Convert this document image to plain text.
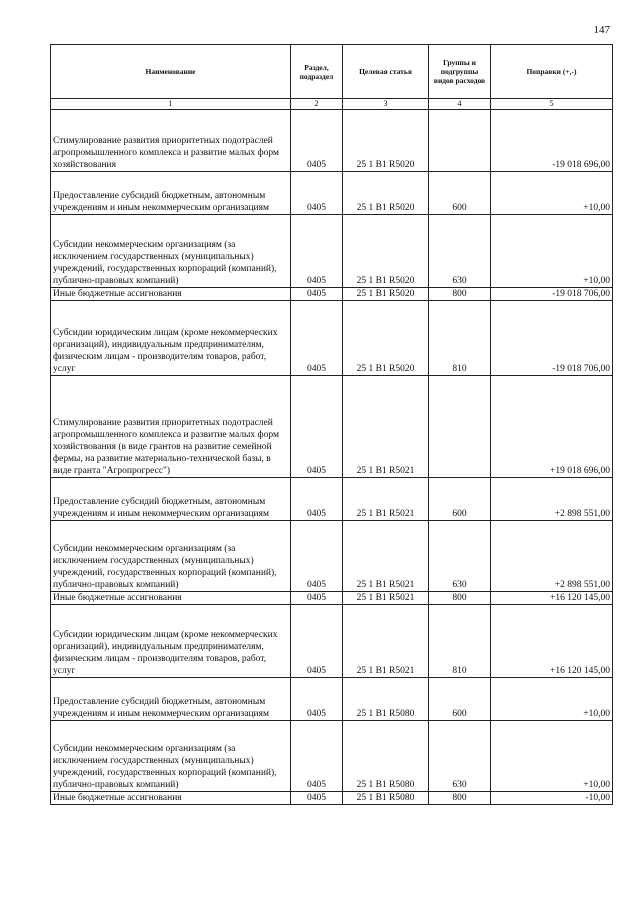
147
Наименование	Раздел, подраздел	Целевая статья	Группы и подгруппы видов расходов	Поправки (+,-)
1	2	3	4	5
Стимулирование развития приоритетных подотраслей агропромышленного комплекса и развитие малых форм хозяйствования	0405	25 1 В1 R5020		-19 018 696,00
Предоставление субсидий бюджетным, автономным учреждениям и иным некоммерческим организациям	0405	25 1 В1 R5020	600	+10,00
Субсидии некоммерческим организациям (за исключением государственных (муниципальных) учреждений, государственных корпораций (компаний), публично-правовых компаний)	0405	25 1 В1 R5020	630	+10,00
Иные бюджетные ассигнования	0405	25 1 В1 R5020	800	-19 018 706,00
Субсидии юридическим лицам (кроме некоммерческих организаций), индивидуальным предпринимателям, физическим лицам - производителям товаров, работ, услуг	0405	25 1 В1 R5020	810	-19 018 706,00
Стимулирование развития приоритетных подотраслей агропромышленного комплекса и развитие малых форм хозяйствования (в виде грантов на развитие семейной фермы, на развитие материально-технической базы, в виде гранта "Агропрогресс")	0405	25 1 В1 R5021		+19 018 696,00
Предоставление субсидий бюджетным, автономным учреждениям и иным некоммерческим организациям	0405	25 1 В1 R5021	600	+2 898 551,00
Субсидии некоммерческим организациям (за исключением государственных (муниципальных) учреждений, государственных корпораций (компаний), публично-правовых компаний)	0405	25 1 В1 R5021	630	+2 898 551,00
Иные бюджетные ассигнования	0405	25 1 В1 R5021	800	+16 120 145,00
Субсидии юридическим лицам (кроме некоммерческих организаций), индивидуальным предпринимателям, физическим лицам - производителям товаров, работ, услуг	0405	25 1 В1 R5021	810	+16 120 145,00
Предоставление субсидий бюджетным, автономным учреждениям и иным некоммерческим организациям	0405	25 1 В1 R5080	600	+10,00
Субсидии некоммерческим организациям (за исключением государственных (муниципальных) учреждений, государственных корпораций (компаний), публично-правовых компаний)	0405	25 1 В1 R5080	630	+10,00
Иные бюджетные ассигнования	0405	25 1 В1 R5080	800	-10,00
